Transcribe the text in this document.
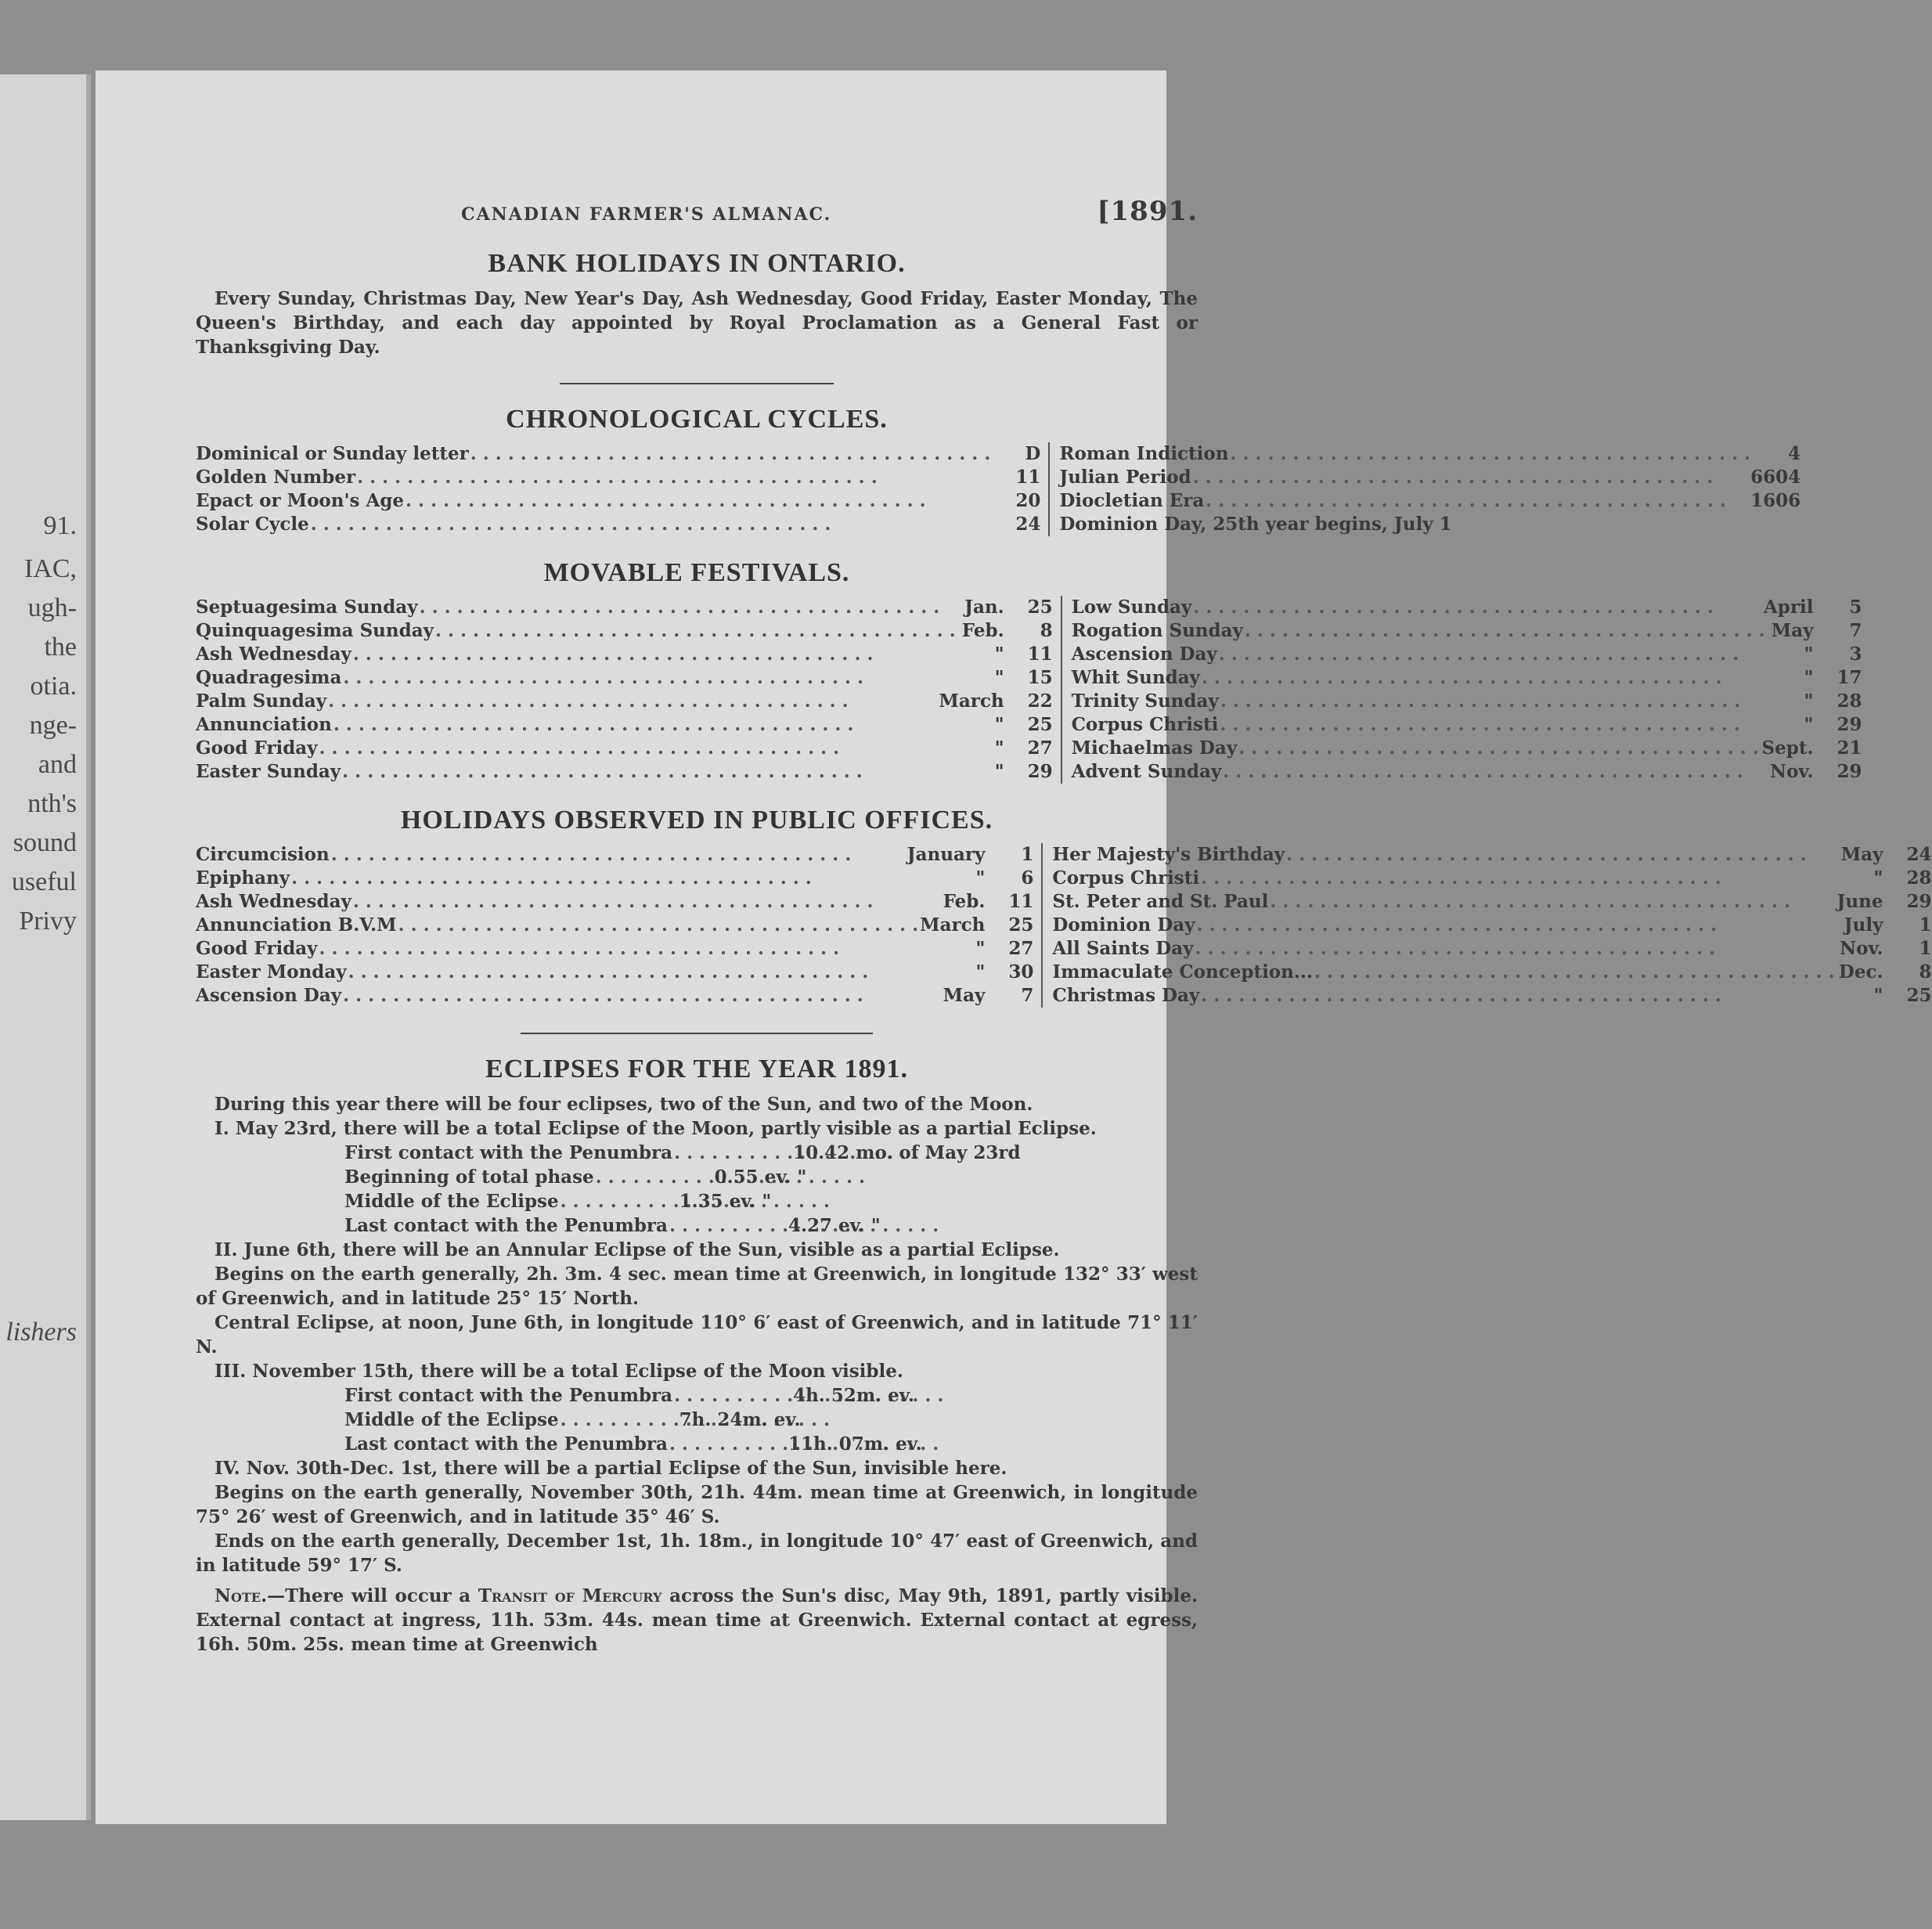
91.
IAC,
ugh-
the
otia.
nge-
and
nth's
sound
useful
Privy
lishers
CANADIAN FARMER'S ALMANAC.	[1891.
BANK HOLIDAYS IN ONTARIO.

Every Sunday, Christmas Day, New Year's Day, Ash Wednesday, Good Friday, Easter Monday, The Queen's Birthday, and each day appointed by Royal Proclamation as a General Fast or Thanksgiving Day.

CHRONOLOGICAL CYCLES.
Dominical or Sunday letter . . .	D
Golden Number . . .	11
Epact or Moon's Age . . .	20
Solar Cycle . . .	24
Roman Indiction . . .	4
Julian Period . . .	6604
Diocletian Era . . .	1606
Dominion Day, 25th year begins, July 1
MOVABLE FESTIVALS.
Septuagesima Sunday . . .	Jan.	25
Quinquagesima Sunday . . .	Feb.	8
Ash Wednesday . . .	"	11
Quadragesima . . .	"	15
Palm Sunday . . .	March	22
Annunciation . . .	"	25
Good Friday . . .	"	27
Easter Sunday . . .	"	29
Low Sunday . . .	April	5
Rogation Sunday . . .	May	7
Ascension Day . . .	"	3
Whit Sunday . . .	"	17
Trinity Sunday . . .	"	28
Corpus Christi . . .	"	29
Michaelmas Day . . .	Sept.	21
Advent Sunday . . .	Nov.	29
HOLIDAYS OBSERVED IN PUBLIC OFFICES.
Circumcision . . .	January	1
Epiphany . . .	"	6
Ash Wednesday . . .	Feb.	11
Annunciation B.V.M . . .	March	25
Good Friday . . .	"	27
Easter Monday . . .	"	30
Ascension Day . . .	May	7
Her Majesty's Birthday . . .	May	24
Corpus Christi . . .	"	28
St. Peter and St. Paul . . .	June	29
Dominion Day . . .	July	1
All Saints Day . . .	Nov.	1
Immaculate Conception... . . .	Dec.	8
Christmas Day . . .	"	25
ECLIPSES FOR THE YEAR 1891.

During this year there will be four eclipses, two of the Sun, and two of the Moon.

I. May 23rd, there will be a total Eclipse of the Moon, partly visible as a partial Eclipse.

First contact with the Penumbra . . .	10.42 mo. of May 23rd
Beginning of total phase . . .	0.55 ev. "
Middle of the Eclipse . . .	1.35 ev. "
Last contact with the Penumbra . . .	4.27 ev. "

II. June 6th, there will be an Annular Eclipse of the Sun, visible as a partial Eclipse.

Begins on the earth generally, 2h. 3m. 4 sec. mean time at Greenwich, in longitude 132° 33′ west of Greenwich, and in latitude 25° 15′ North.

Central Eclipse, at noon, June 6th, in longitude 110° 6′ east of Greenwich, and in latitude 71° 11′ N.

III. November 15th, there will be a total Eclipse of the Moon visible.

First contact with the Penumbra . . .	4h. 52m. ev.
Middle of the Eclipse . . .	7h. 24m. ev.
Last contact with the Penumbra . . .	11h. 07m. ev.

IV. Nov. 30th-Dec. 1st, there will be a partial Eclipse of the Sun, invisible here.

Begins on the earth generally, November 30th, 21h. 44m. mean time at Greenwich, in longitude 75° 26′ west of Greenwich, and in latitude 35° 46′ S.

Ends on the earth generally, December 1st, 1h. 18m., in longitude 10° 47′ east of Greenwich, and in latitude 59° 17′ S.

Note.—There will occur a Transit of Mercury across the Sun's disc, May 9th, 1891, partly visible. External contact at ingress, 11h. 53m. 44s. mean time at Greenwich. External contact at egress, 16h. 50m. 25s. mean time at Greenwich
